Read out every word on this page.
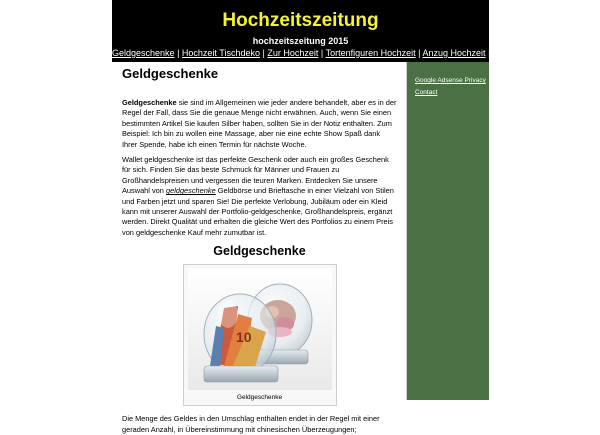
Hochzeitszeitung
hochzeitszeitung 2015
Geldgeschenke | Hochzeit Tischdeko | Zur Hochzeit | Tortenfiguren Hochzeit | Anzug Hochzeit |
Geldgeschenke

Geldgeschenke sie sind im Allgemeinen wie jeder andere behandelt, aber es in der Regel der Fall, dass Sie die genaue Menge nicht erwähnen. Auch, wenn Sie einen bestimmten Artikel Sie kaufen Silber haben, sollten Sie in der Notiz enthalten. Zum Beispiel: Ich bin zu wollen eine Massage, aber nie eine echte Show Spaß dank Ihrer Spende, habe ich einen Termin für nächste Woche.

Wallet geldgeschenke ist das perfekte Geschenk oder auch ein großes Geschenk für sich. Finden Sie das beste Schmuck für Männer und Frauen zu Großhandelspreisen und vergessen die teuren Marken. Entdecken Sie unsere Auswahl von geldgeschenke Geldbörse und Brieftasche in einer Vielzahl von Stilen und Farben jetzt und sparen Sie! Die perfekte Verlobung, Jubiläum oder ein Kleid kann mit unserer Auswahl der Portfolio-geldgeschenke, Großhandelspreis, ergänzt werden. Direkt Qualität und erhalten die gleiche Wert des Portfolios zu einem Preis von geldgeschenke Kauf mehr zumutbar ist.

Geldgeschenke
10
Geldgeschenke

Die Menge des Geldes in den Umschlag enthalten endet in der Regel mit einer geraden Anzahl, in Übereinstimmung mit chinesischen Überzeugungen;

Google Adsense Privacy
Contact
